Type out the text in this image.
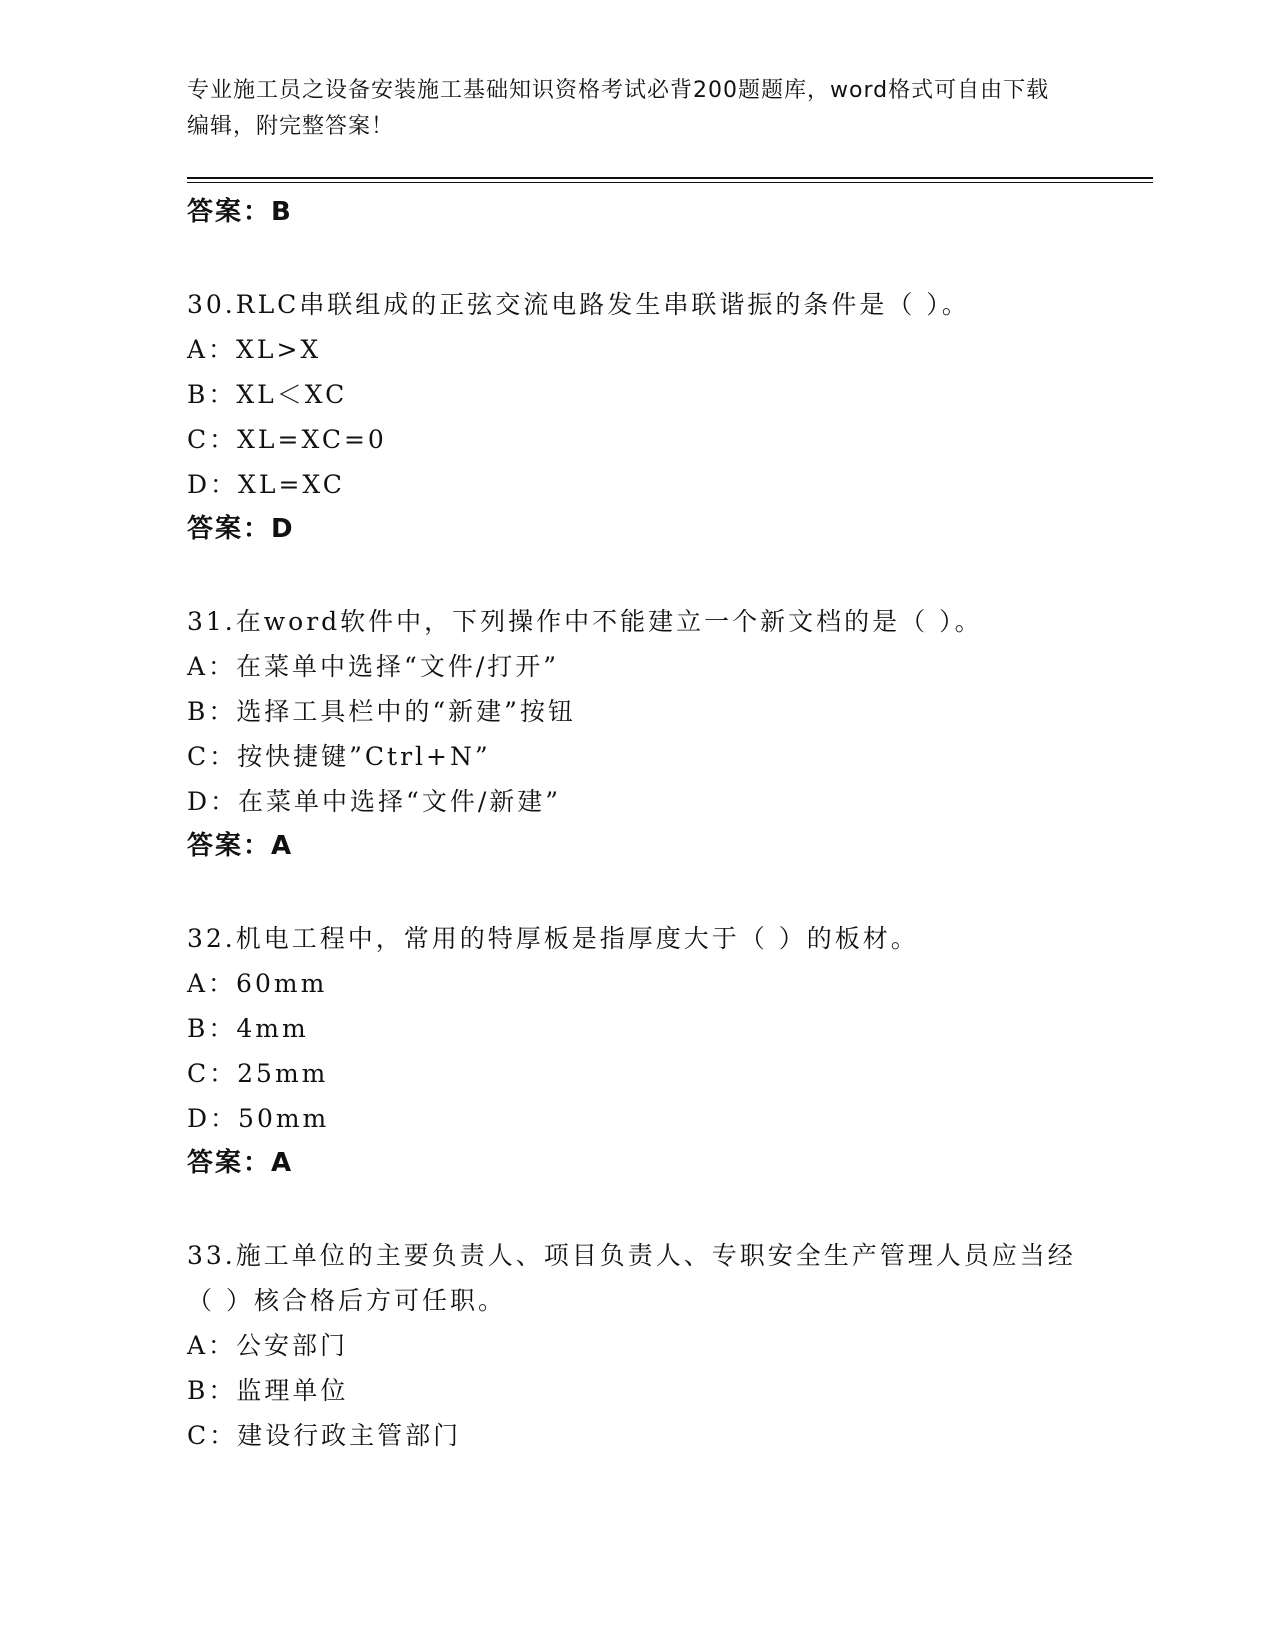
专业施工员之设备安装施工基础知识资格考试必背200题题库，word格式可自由下载编辑，附完整答案！
答案：B
30.RLC串联组成的正弦交流电路发生串联谐振的条件是（ ）。
A：XL>X
B：XL＜XC
C：XL=XC=0
D：XL=XC
答案：D
31.在word软件中，下列操作中不能建立一个新文档的是（ ）。
A：在菜单中选择“文件/打开”
B：选择工具栏中的“新建”按钮
C：按快捷键”Ctrl+N”
D：在菜单中选择“文件/新建”
答案：A
32.机电工程中，常用的特厚板是指厚度大于（ ）的板材。
A：60mm
B：4mm
C：25mm
D：50mm
答案：A
33.施工单位的主要负责人、项目负责人、专职安全生产管理人员应当经（ ）核合格后方可任职。
A：公安部门
B：监理单位
C：建设行政主管部门
